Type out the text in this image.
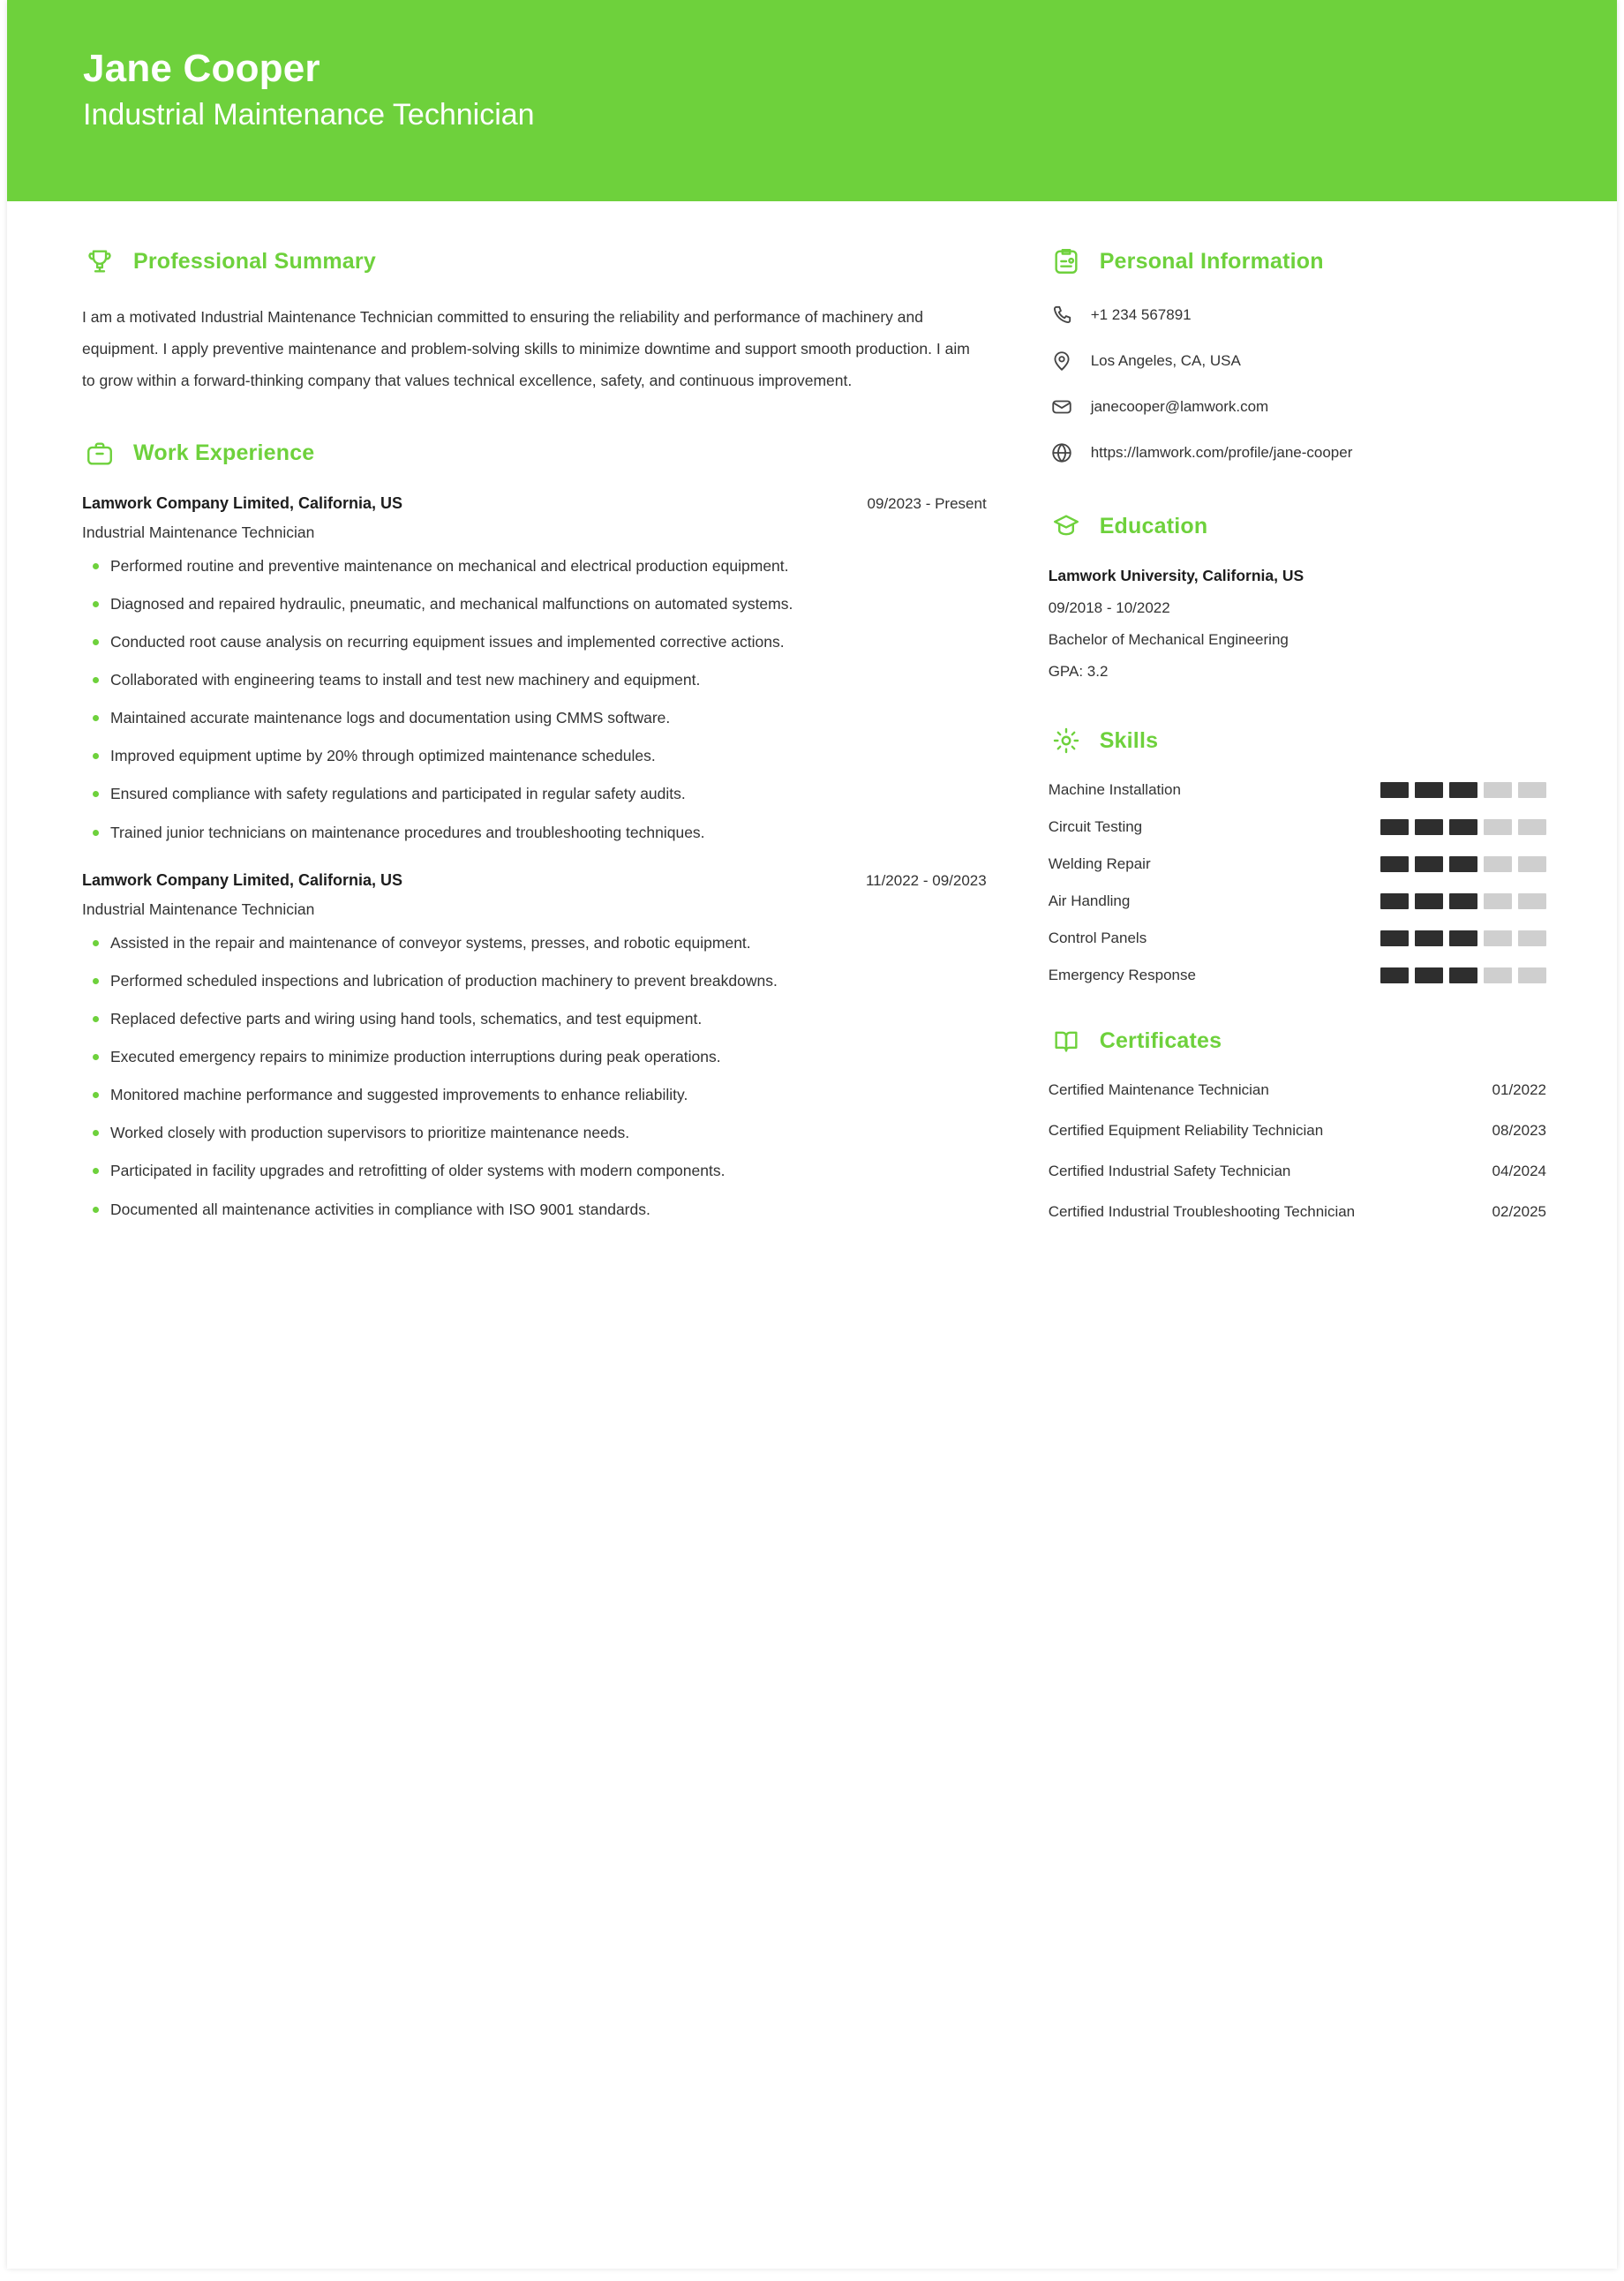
Jane Cooper
Industrial Maintenance Technician
Professional Summary

I am a motivated Industrial Maintenance Technician committed to ensuring the reliability and performance of machinery and equipment. I apply preventive maintenance and problem-solving skills to minimize downtime and support smooth production. I aim to grow within a forward-thinking company that values technical excellence, safety, and continuous improvement.

Work Experience
Lamwork Company Limited, California, US	09/2023 - Present
Industrial Maintenance Technician
Performed routine and preventive maintenance on mechanical and electrical production equipment.
Diagnosed and repaired hydraulic, pneumatic, and mechanical malfunctions on automated systems.
Conducted root cause analysis on recurring equipment issues and implemented corrective actions.
Collaborated with engineering teams to install and test new machinery and equipment.
Maintained accurate maintenance logs and documentation using CMMS software.
Improved equipment uptime by 20% through optimized maintenance schedules.
Ensured compliance with safety regulations and participated in regular safety audits.
Trained junior technicians on maintenance procedures and troubleshooting techniques.
Lamwork Company Limited, California, US	11/2022 - 09/2023
Industrial Maintenance Technician
Assisted in the repair and maintenance of conveyor systems, presses, and robotic equipment.
Performed scheduled inspections and lubrication of production machinery to prevent breakdowns.
Replaced defective parts and wiring using hand tools, schematics, and test equipment.
Executed emergency repairs to minimize production interruptions during peak operations.
Monitored machine performance and suggested improvements to enhance reliability.
Worked closely with production supervisors to prioritize maintenance needs.
Participated in facility upgrades and retrofitting of older systems with modern components.
Documented all maintenance activities in compliance with ISO 9001 standards.
Personal Information
+1 234 567891
Los Angeles, CA, USA
janecooper@lamwork.com
https://lamwork.com/profile/jane-cooper
Education
Lamwork University, California, US
09/2018 - 10/2022
Bachelor of Mechanical Engineering
GPA: 3.2
Skills
Machine Installation
Circuit Testing
Welding Repair
Air Handling
Control Panels
Emergency Response
Certificates
Certified Maintenance Technician	01/2022
Certified Equipment Reliability Technician	08/2023
Certified Industrial Safety Technician	04/2024
Certified Industrial Troubleshooting Technician	02/2025
